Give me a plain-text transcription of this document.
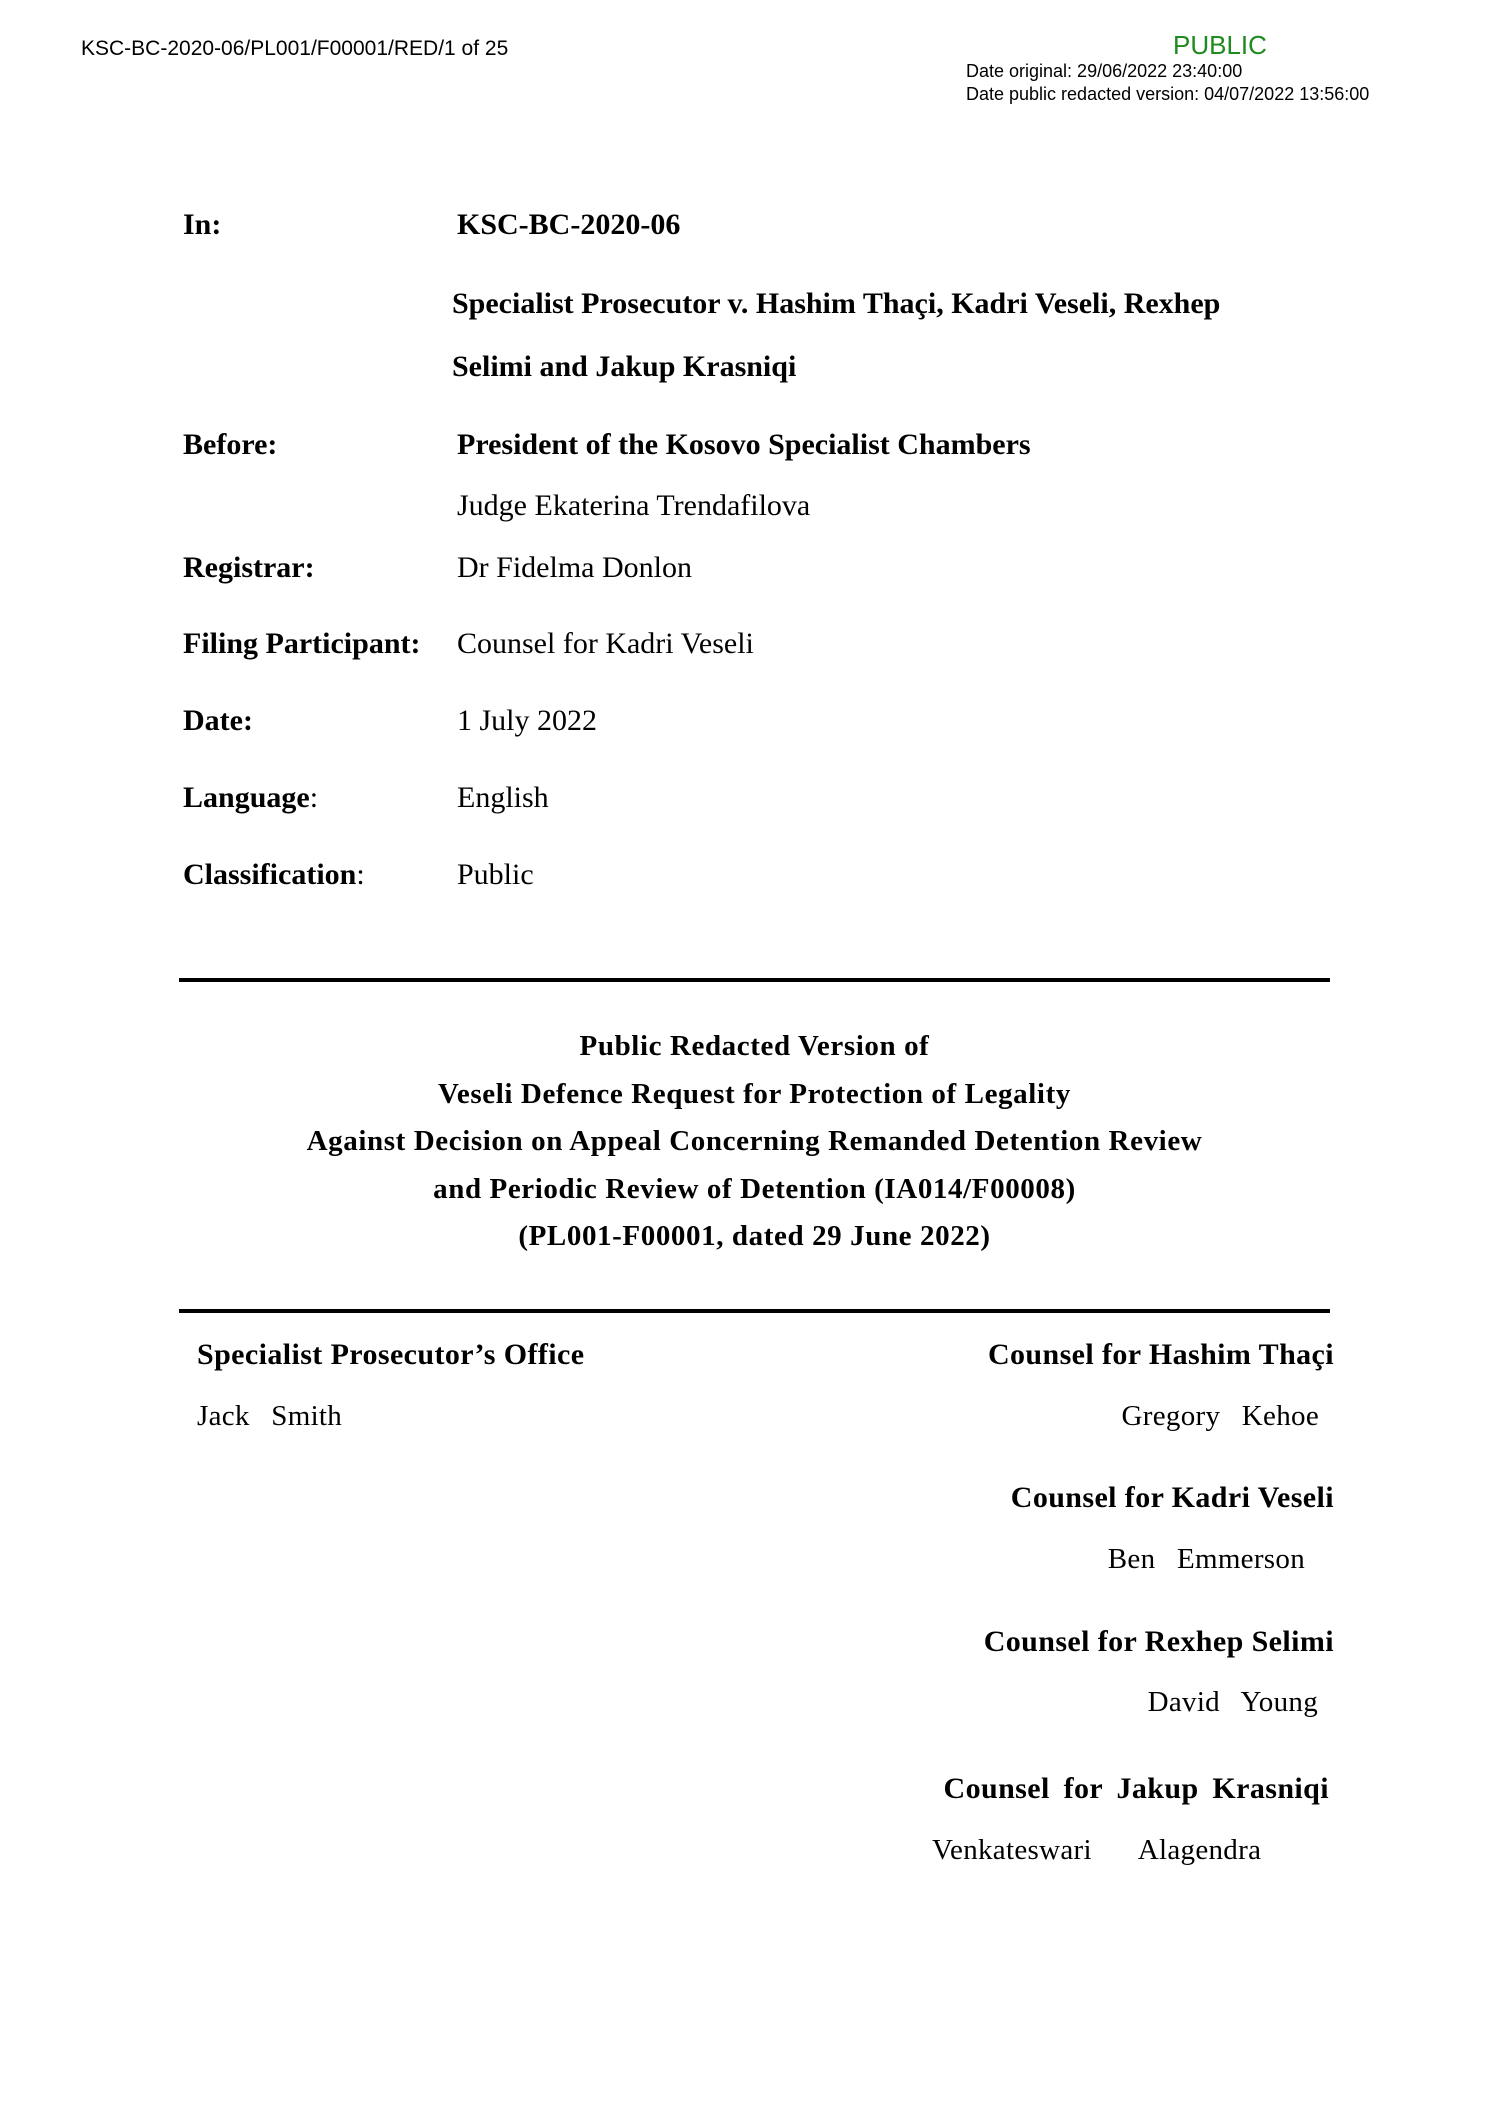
KSC-BC-2020-06/PL001/F00001/RED/1 of 25	PUBLIC
Date original: 29/06/2022 23:40:00
Date public redacted version: 04/07/2022 13:56:00
In:	KSC-BC-2020-06
Specialist Prosecutor v. Hashim Thaçi, Kadri Veseli, Rexhep
Selimi and Jakup Krasniqi
Before:	President of the Kosovo Specialist Chambers
Judge Ekaterina Trendafilova
Registrar:	Dr Fidelma Donlon
Filing Participant: Counsel for Kadri Veseli
Date:	1 July 2022
Language:	English
Classification:	Public
Public Redacted Version of
Veseli Defence Request for Protection of Legality
Against Decision on Appeal Concerning Remanded Detention Review
and Periodic Review of Detention (IA014/F00008)
(PL001-F00001, dated 29 June 2022)
Specialist Prosecutor’s Office
Jack Smith
Counsel for Hashim Thaçi
Gregory Kehoe
Counsel for Kadri Veseli
Ben Emmerson
Counsel for Rexhep Selimi
David Young
Counsel for Jakup Krasniqi
Venkateswari Alagendra
